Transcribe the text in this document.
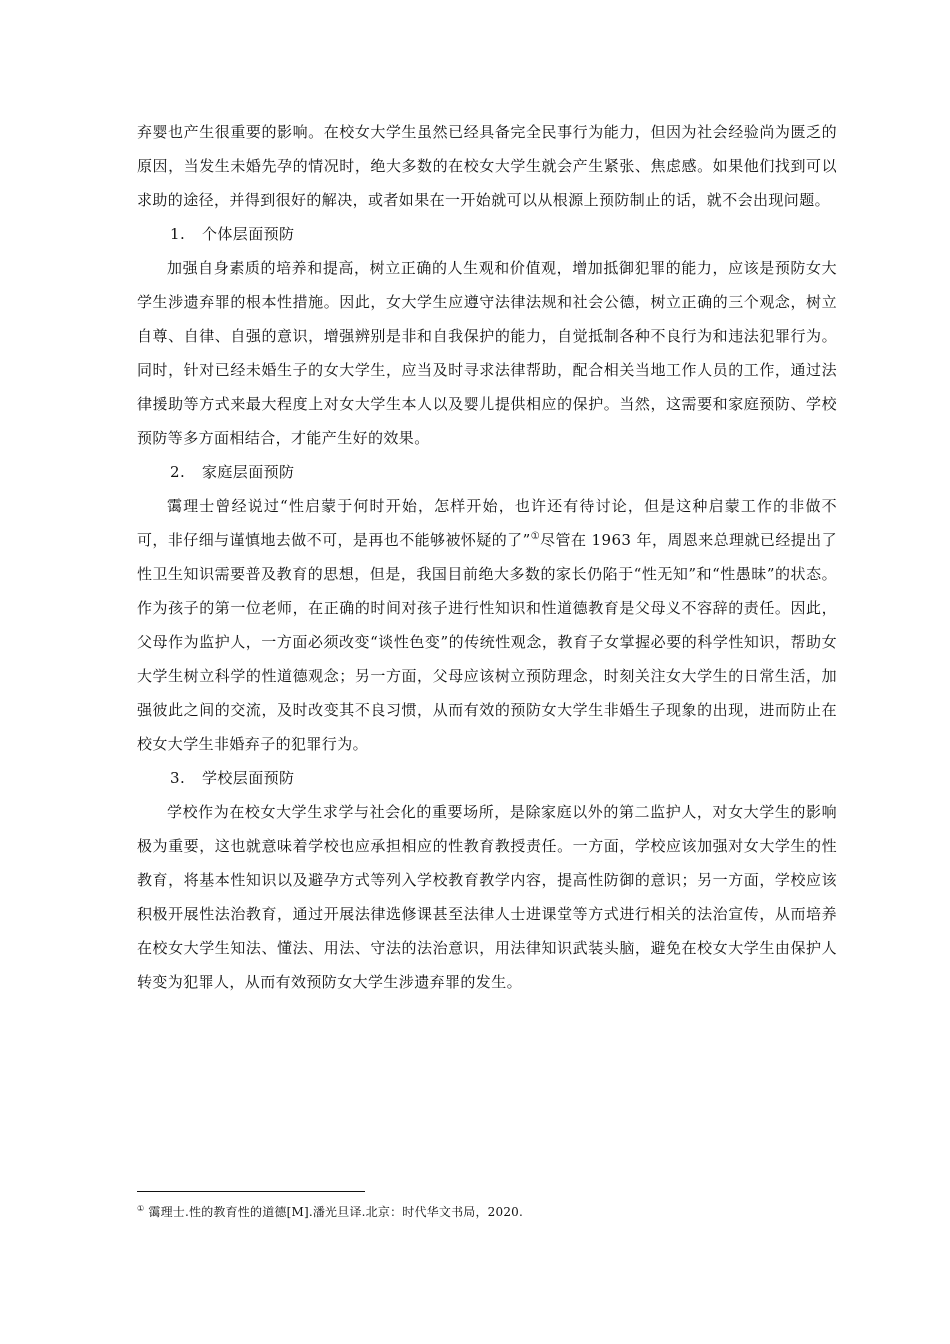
弃婴也产生很重要的影响。在校女大学生虽然已经具备完全民事行为能力，但因为社会经验尚为匮乏的原因，当发生未婚先孕的情况时，绝大多数的在校女大学生就会产生紧张、焦虑感。如果他们找到可以求助的途径，并得到很好的解决，或者如果在一开始就可以从根源上预防制止的话，就不会出现问题。

1. 个体层面预防

加强自身素质的培养和提高，树立正确的人生观和价值观，增加抵御犯罪的能力，应该是预防女大学生涉遗弃罪的根本性措施。因此，女大学生应遵守法律法规和社会公德，树立正确的三个观念，树立自尊、自律、自强的意识，增强辨别是非和自我保护的能力，自觉抵制各种不良行为和违法犯罪行为。同时，针对已经未婚生子的女大学生，应当及时寻求法律帮助，配合相关当地工作人员的工作，通过法律援助等方式来最大程度上对女大学生本人以及婴儿提供相应的保护。当然，这需要和家庭预防、学校预防等多方面相结合，才能产生好的效果。

2. 家庭层面预防

霭理士曾经说过“性启蒙于何时开始，怎样开始，也许还有待讨论，但是这种启蒙工作的非做不可，非仔细与谨慎地去做不可，是再也不能够被怀疑的了”①尽管在 1963 年，周恩来总理就已经提出了性卫生知识需要普及教育的思想，但是，我国目前绝大多数的家长仍陷于“性无知”和“性愚昧”的状态。作为孩子的第一位老师，在正确的时间对孩子进行性知识和性道德教育是父母义不容辞的责任。因此，父母作为监护人，一方面必须改变“谈性色变”的传统性观念，教育子女掌握必要的科学性知识，帮助女大学生树立科学的性道德观念；另一方面，父母应该树立预防理念，时刻关注女大学生的日常生活，加强彼此之间的交流，及时改变其不良习惯，从而有效的预防女大学生非婚生子现象的出现，进而防止在校女大学生非婚弃子的犯罪行为。

3. 学校层面预防

学校作为在校女大学生求学与社会化的重要场所，是除家庭以外的第二监护人，对女大学生的影响极为重要，这也就意味着学校也应承担相应的性教育教授责任。一方面，学校应该加强对女大学生的性教育，将基本性知识以及避孕方式等列入学校教育教学内容，提高性防御的意识；另一方面，学校应该积极开展性法治教育，通过开展法律选修课甚至法律人士进课堂等方式进行相关的法治宣传，从而培养在校女大学生知法、懂法、用法、守法的法治意识，用法律知识武装头脑，避免在校女大学生由保护人转变为犯罪人，从而有效预防女大学生涉遗弃罪的发生。

① 霭理士.性的教育性的道德[M].潘光旦译.北京：时代华文书局，2020.
